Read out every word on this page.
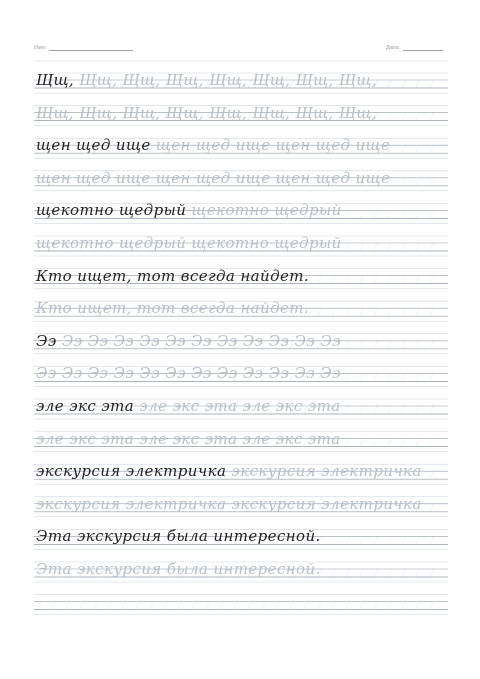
Имя:	Дата:
Щщ, Щщ, Щщ, Щщ, Щщ, Щщ, Щщ, Щщ,
Щщ, Щщ, Щщ, Щщ, Щщ, Щщ, Щщ, Щщ,
щен щед ище щен щед ище щен щед ище
щен щед ище щен щед ище щен щед ище
щекотно щедрый щекотно щедрый
щекотно щедрый щекотно щедрый
Кто ищет, тот всегда найдет.
Кто ищет, тот всегда найдет.
Ээ Ээ Ээ Ээ Ээ Ээ Ээ Ээ Ээ Ээ Ээ Ээ
Ээ Ээ Ээ Ээ Ээ Ээ Ээ Ээ Ээ Ээ Ээ Ээ
эле экс эта эле экс эта эле экс эта
эле экс эта эле экс эта эле экс эта
экскурсия электричка экскурсия электричка
экскурсия электричка экскурсия электричка
Эта экскурсия была интересной.
Эта экскурсия была интересной.
